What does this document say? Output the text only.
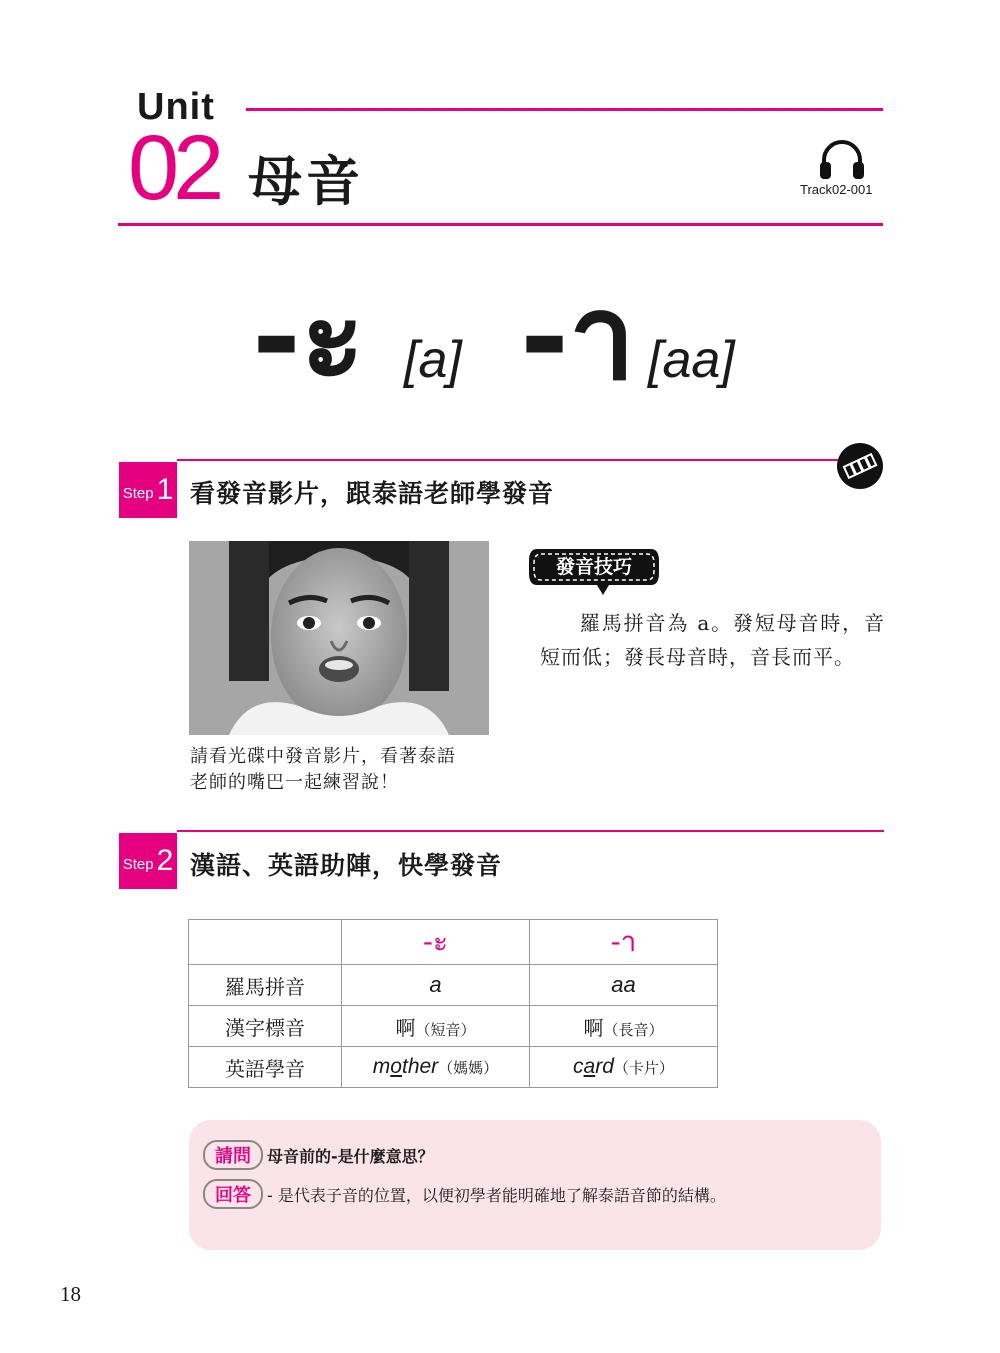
Unit
02 母音	Track02-001
-ะ [a] -า [aa]
Step 1 看發音影片，跟泰語老師學發音
請看光碟中發音影片，看著泰語
老師的嘴巴一起練習說！
發音技巧
羅馬拼音為 a。發短母音時，音短而低；發長母音時，音長而平。
Step 2 漢語、英語助陣，快學發音
	-ะ	-า
羅馬拼音	a	aa
漢字標音	啊（短音）	啊（長音）
英語學音	mother（媽媽）	card（卡片）
請問	母音前的-是什麼意思？
回答	- 是代表子音的位置，以便初學者能明確地了解泰語音節的結構。
18
